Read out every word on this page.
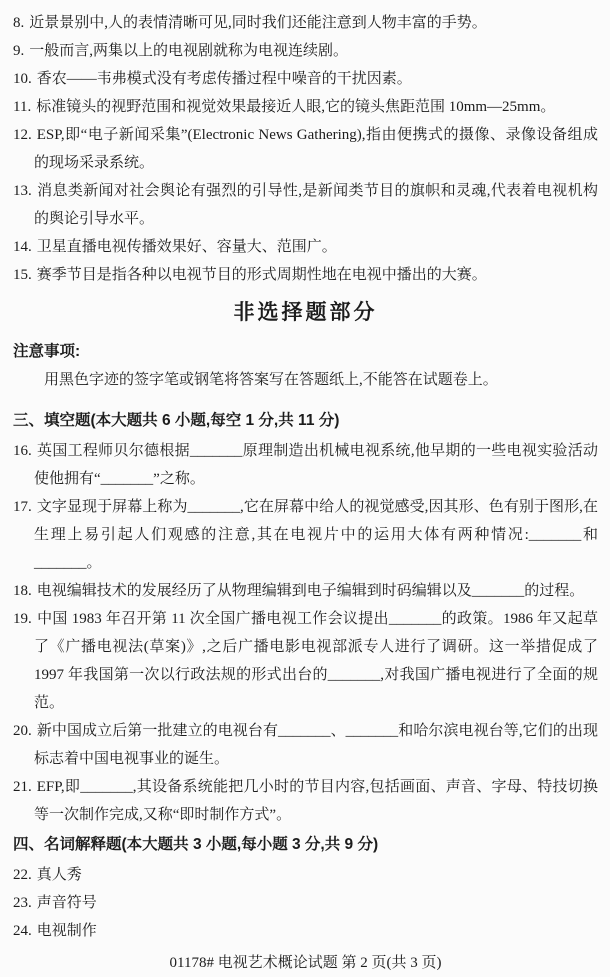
8. 近景景别中,人的表情清晰可见,同时我们还能注意到人物丰富的手势。

9. 一般而言,两集以上的电视剧就称为电视连续剧。

10. 香农——韦弗模式没有考虑传播过程中噪音的干扰因素。

11. 标准镜头的视野范围和视觉效果最接近人眼,它的镜头焦距范围 10mm—25mm。

12. ESP,即“电子新闻采集”(Electronic News Gathering),指由便携式的摄像、录像设备组成的现场采录系统。

13. 消息类新闻对社会舆论有强烈的引导性,是新闻类节目的旗帜和灵魂,代表着电视机构的舆论引导水平。

14. 卫星直播电视传播效果好、容量大、范围广。

15. 赛季节目是指各种以电视节目的形式周期性地在电视中播出的大赛。

非选择题部分

注意事项:

用黑色字迹的签字笔或钢笔将答案写在答题纸上,不能答在试题卷上。

三、填空题(本大题共 6 小题,每空 1 分,共 11 分)

16. 英国工程师贝尔德根据_______原理制造出机械电视系统,他早期的一些电视实验活动使他拥有“_______”之称。

17. 文字显现于屏幕上称为_______,它在屏幕中给人的视觉感受,因其形、色有别于图形,在生理上易引起人们观感的注意,其在电视片中的运用大体有两种情况:_______和_______。

18. 电视编辑技术的发展经历了从物理编辑到电子编辑到时码编辑以及_______的过程。

19. 中国 1983 年召开第 11 次全国广播电视工作会议提出_______的政策。1986 年又起草了《广播电视法(草案)》,之后广播电影电视部派专人进行了调研。这一举措促成了 1997 年我国第一次以行政法规的形式出台的_______,对我国广播电视进行了全面的规范。

20. 新中国成立后第一批建立的电视台有_______、_______和哈尔滨电视台等,它们的出现标志着中国电视事业的诞生。

21. EFP,即_______,其设备系统能把几小时的节目内容,包括画面、声音、字母、特技切换等一次制作完成,又称“即时制作方式”。

四、名词解释题(本大题共 3 小题,每小题 3 分,共 9 分)

22. 真人秀

23. 声音符号

24. 电视制作

01178# 电视艺术概论试题 第 2 页(共 3 页)
